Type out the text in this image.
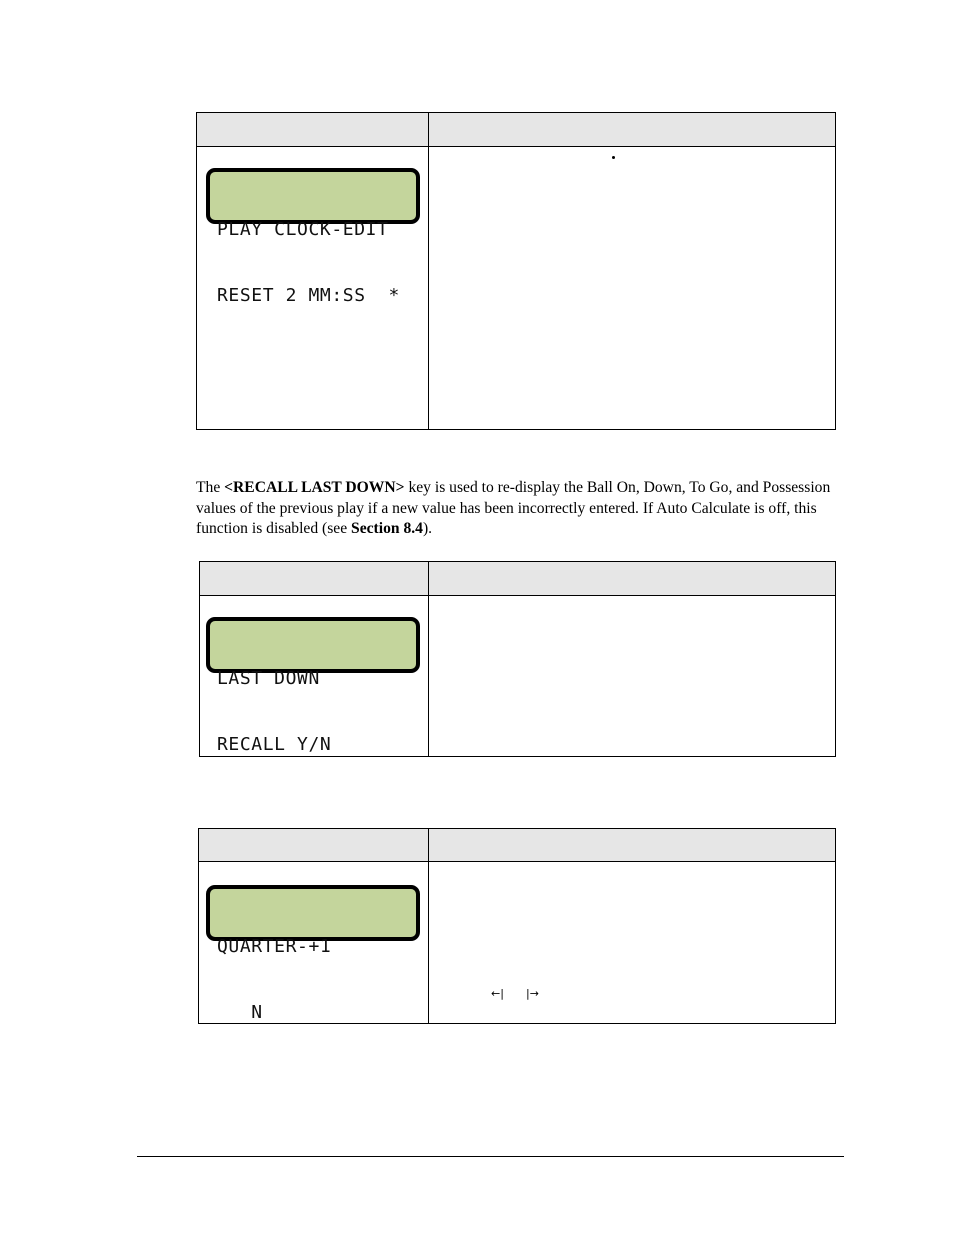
PLAY CLOCK-EDIT

RESET 2 MM:SS  *

The <RECALL LAST DOWN> key is used to re-display the Ball On, Down, To Go, and Possession values of the previous play if a new value has been incorrectly entered. If Auto Calculate is off, this function is disabled (see Section 8.4).

LAST DOWN

RECALL Y/N

QUARTER-+1

N

←| |→
